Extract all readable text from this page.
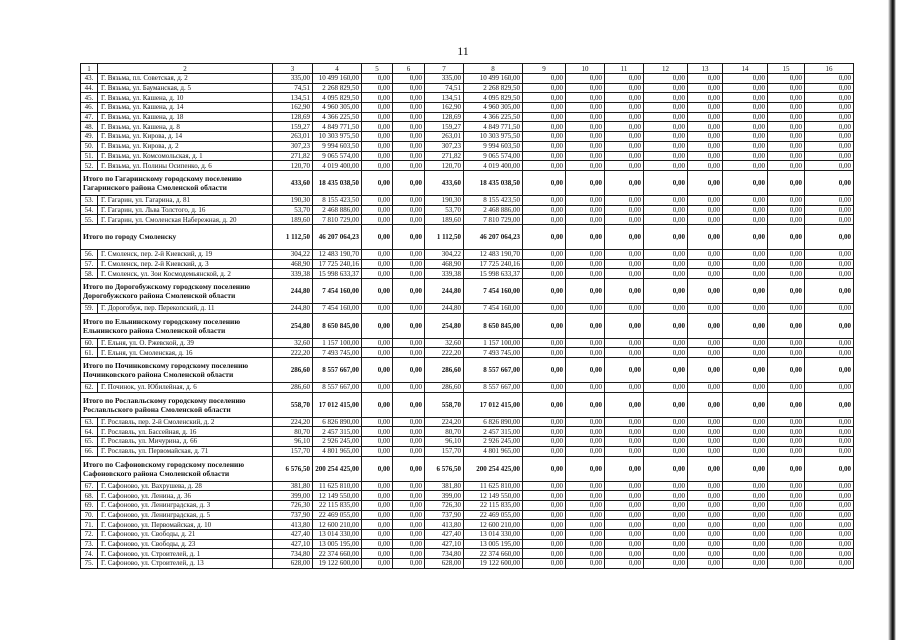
11
1	2	3	4	5	6	7	8	9	10	11	12	13	14	15	16
43.	Г. Вязьма, пл. Советская, д. 2	335,00	10 499 160,00	0,00	0,00	335,00	10 499 160,00	0,00	0,00	0,00	0,00	0,00	0,00	0,00	0,00
44.	Г. Вязьма, ул. Бауманская, д. 5	74,51	2 268 829,50	0,00	0,00	74,51	2 268 829,50	0,00	0,00	0,00	0,00	0,00	0,00	0,00	0,00
45.	Г. Вязьма, ул. Кашена, д. 10	134,51	4 095 829,50	0,00	0,00	134,51	4 095 829,50	0,00	0,00	0,00	0,00	0,00	0,00	0,00	0,00
46.	Г. Вязьма, ул. Кашена, д. 14	162,90	4 960 305,00	0,00	0,00	162,90	4 960 305,00	0,00	0,00	0,00	0,00	0,00	0,00	0,00	0,00
47.	Г. Вязьма, ул. Кашена, д. 18	128,69	4 366 225,50	0,00	0,00	128,69	4 366 225,50	0,00	0,00	0,00	0,00	0,00	0,00	0,00	0,00
48.	Г. Вязьма, ул. Кашена, д. 8	159,27	4 849 771,50	0,00	0,00	159,27	4 849 771,50	0,00	0,00	0,00	0,00	0,00	0,00	0,00	0,00
49.	Г. Вязьма, ул. Кирова, д. 14	263,01	10 303 975,50	0,00	0,00	263,01	10 303 975,50	0,00	0,00	0,00	0,00	0,00	0,00	0,00	0,00
50.	Г. Вязьма, ул. Кирова, д. 2	307,23	9 994 603,50	0,00	0,00	307,23	9 994 603,50	0,00	0,00	0,00	0,00	0,00	0,00	0,00	0,00
51.	Г. Вязьма, ул. Комсомольская, д. 1	271,82	9 065 574,00	0,00	0,00	271,82	9 065 574,00	0,00	0,00	0,00	0,00	0,00	0,00	0,00	0,00
52.	Г. Вязьма, ул. Полины Осипенко, д. 6	120,70	4 019 400,00	0,00	0,00	120,70	4 019 400,00	0,00	0,00	0,00	0,00	0,00	0,00	0,00	0,00

Итого по Гагаринскому городскому поселению
Гагаринского района Смоленской области		433,60	18 435 038,50	0,00	0,00	433,60	18 435 038,50	0,00	0,00	0,00	0,00	0,00	0,00	0,00	0,00
53.	Г. Гагарин, ул. Гагарина, д. 81	190,30	8 155 423,50	0,00	0,00	190,30	8 155 423,50	0,00	0,00	0,00	0,00	0,00	0,00	0,00	0,00
54.	Г. Гагарин, ул. Льва Толстого, д. 16	53,70	2 468 886,00	0,00	0,00	53,70	2 468 886,00	0,00	0,00	0,00	0,00	0,00	0,00	0,00	0,00
55.	Г. Гагарин, ул. Смоленская Набережная, д. 20	189,60	7 810 729,00	0,00	0,00	189,60	7 810 729,00	0,00	0,00	0,00	0,00	0,00	0,00	0,00	0,00

Итого по городу Смоленску		1 112,50	46 207 064,23	0,00	0,00	1 112,50	46 207 064,23	0,00	0,00	0,00	0,00	0,00	0,00	0,00	0,00
56.	Г. Смоленск, пер. 2-й Киевский, д. 19	304,22	12 483 190,70	0,00	0,00	304,22	12 483 190,70	0,00	0,00	0,00	0,00	0,00	0,00	0,00	0,00
57.	Г. Смоленск, пер. 2-й Киевский, д. 3	468,90	17 725 240,16	0,00	0,00	468,90	17 725 240,16	0,00	0,00	0,00	0,00	0,00	0,00	0,00	0,00
58.	Г. Смоленск, ул. Зои Космодемьянской, д. 2	339,38	15 998 633,37	0,00	0,00	339,38	15 998 633,37	0,00	0,00	0,00	0,00	0,00	0,00	0,00	0,00

Итого по Дорогобужскому городскому поселению
Дорогобужского района Смоленской области		244,80	7 454 160,00	0,00	0,00	244,80	7 454 160,00	0,00	0,00	0,00	0,00	0,00	0,00	0,00	0,00
59.	Г. Дорогобуж, пер. Перекопский, д. 11	244,80	7 454 160,00	0,00	0,00	244,80	7 454 160,00	0,00	0,00	0,00	0,00	0,00	0,00	0,00	0,00

Итого по Ельнинскому городскому поселению
Ельнинского района Смоленской области		254,80	8 650 845,00	0,00	0,00	254,80	8 650 845,00	0,00	0,00	0,00	0,00	0,00	0,00	0,00	0,00
60.	Г. Ельня, ул. О. Ржевской, д. 39	32,60	1 157 100,00	0,00	0,00	32,60	1 157 100,00	0,00	0,00	0,00	0,00	0,00	0,00	0,00	0,00
61.	Г. Ельня, ул. Смоленская, д. 16	222,20	7 493 745,00	0,00	0,00	222,20	7 493 745,00	0,00	0,00	0,00	0,00	0,00	0,00	0,00	0,00

Итого по Починковскому городскому поселению
Починковского района Смоленской области		286,60	8 557 667,00	0,00	0,00	286,60	8 557 667,00	0,00	0,00	0,00	0,00	0,00	0,00	0,00	0,00
62.	Г. Починок, ул. Юбилейная, д. 6	286,60	8 557 667,00	0,00	0,00	286,60	8 557 667,00	0,00	0,00	0,00	0,00	0,00	0,00	0,00	0,00

Итого по Рославльскому городскому поселению
Рославльского района Смоленской области		558,70	17 012 415,00	0,00	0,00	558,70	17 012 415,00	0,00	0,00	0,00	0,00	0,00	0,00	0,00	0,00
63.	Г. Рославль, пер. 2-й Смоленский, д. 2	224,20	6 826 890,00	0,00	0,00	224,20	6 826 890,00	0,00	0,00	0,00	0,00	0,00	0,00	0,00	0,00
64.	Г. Рославль, ул. Бассейная, д. 16	80,70	2 457 315,00	0,00	0,00	80,70	2 457 315,00	0,00	0,00	0,00	0,00	0,00	0,00	0,00	0,00
65.	Г. Рославль, ул. Мичурина, д. 66	96,10	2 926 245,00	0,00	0,00	96,10	2 926 245,00	0,00	0,00	0,00	0,00	0,00	0,00	0,00	0,00
66.	Г. Рославль, ул. Первомайская, д. 71	157,70	4 801 965,00	0,00	0,00	157,70	4 801 965,00	0,00	0,00	0,00	0,00	0,00	0,00	0,00	0,00

Итого по Сафоновскому городскому поселению
Сафоновского района Смоленской области		6 576,50	200 254 425,00	0,00	0,00	6 576,50	200 254 425,00	0,00	0,00	0,00	0,00	0,00	0,00	0,00	0,00
67.	Г. Сафоново, ул. Вахрушева, д. 28	381,80	11 625 810,00	0,00	0,00	381,80	11 625 810,00	0,00	0,00	0,00	0,00	0,00	0,00	0,00	0,00
68.	Г. Сафоново, ул. Ленина, д. 36	399,00	12 149 550,00	0,00	0,00	399,00	12 149 550,00	0,00	0,00	0,00	0,00	0,00	0,00	0,00	0,00
69.	Г. Сафоново, ул. Ленинградская, д. 3	726,30	22 115 835,00	0,00	0,00	726,30	22 115 835,00	0,00	0,00	0,00	0,00	0,00	0,00	0,00	0,00
70.	Г. Сафоново, ул. Ленинградская, д. 5	737,90	22 469 055,00	0,00	0,00	737,90	22 469 055,00	0,00	0,00	0,00	0,00	0,00	0,00	0,00	0,00
71.	Г. Сафоново, ул. Первомайская, д. 10	413,80	12 600 210,00	0,00	0,00	413,80	12 600 210,00	0,00	0,00	0,00	0,00	0,00	0,00	0,00	0,00
72.	Г. Сафоново, ул. Свободы, д. 21	427,40	13 014 330,00	0,00	0,00	427,40	13 014 330,00	0,00	0,00	0,00	0,00	0,00	0,00	0,00	0,00
73.	Г. Сафоново, ул. Свободы, д. 23	427,10	13 005 195,00	0,00	0,00	427,10	13 005 195,00	0,00	0,00	0,00	0,00	0,00	0,00	0,00	0,00
74.	Г. Сафоново, ул. Строителей, д. 1	734,80	22 374 660,00	0,00	0,00	734,80	22 374 660,00	0,00	0,00	0,00	0,00	0,00	0,00	0,00	0,00
75.	Г. Сафоново, ул. Строителей, д. 13	628,00	19 122 600,00	0,00	0,00	628,00	19 122 600,00	0,00	0,00	0,00	0,00	0,00	0,00	0,00	0,00
